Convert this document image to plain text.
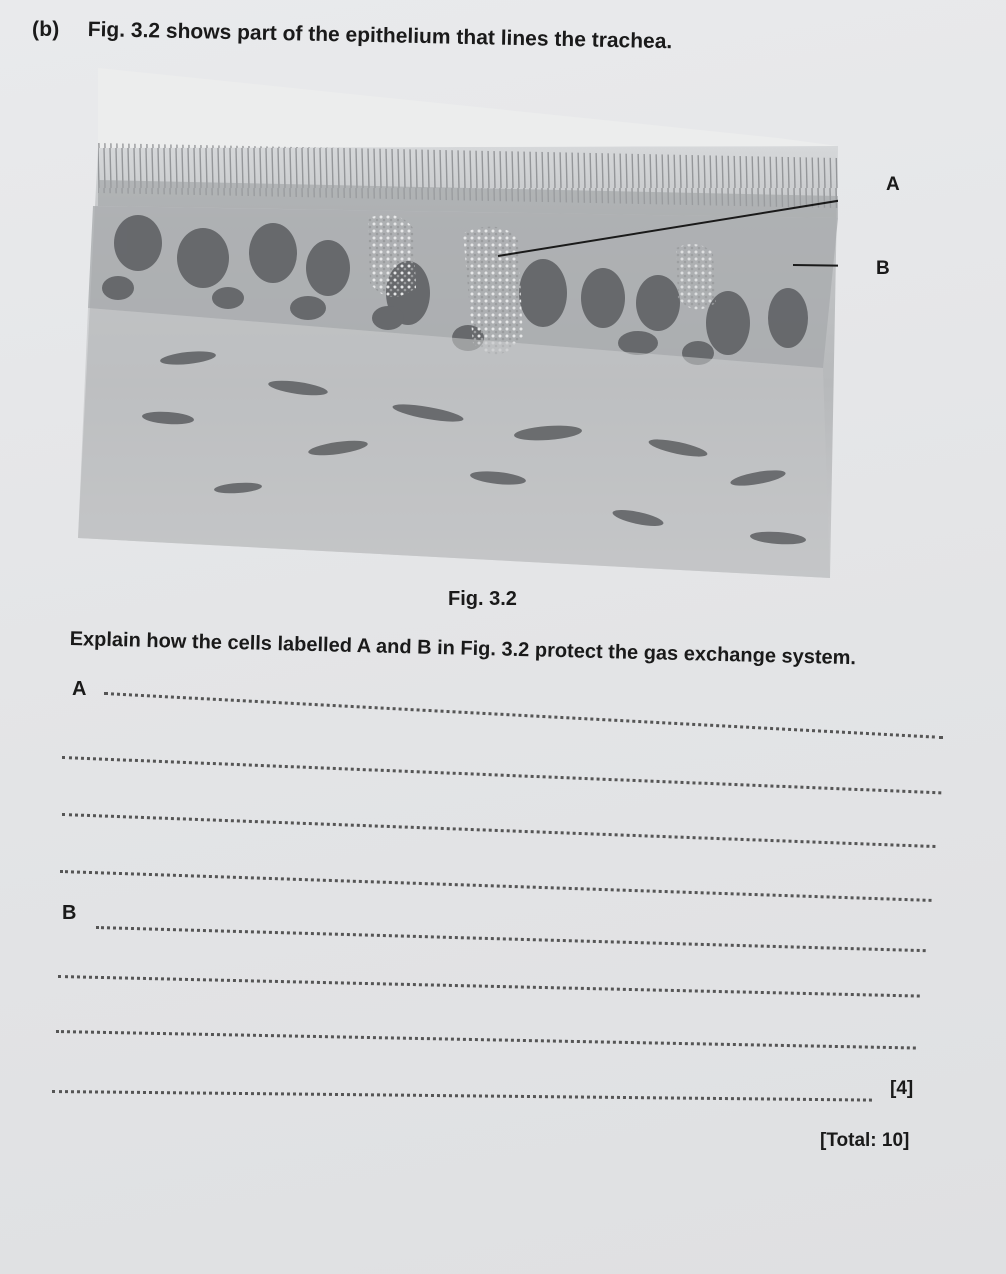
(b) Fig. 3.2 shows part of the epithelium that lines the trachea.
A
B
Fig. 3.2
Explain how the cells labelled A and B in Fig. 3.2 protect the gas exchange system.
A
B
[4]
[Total: 10]
